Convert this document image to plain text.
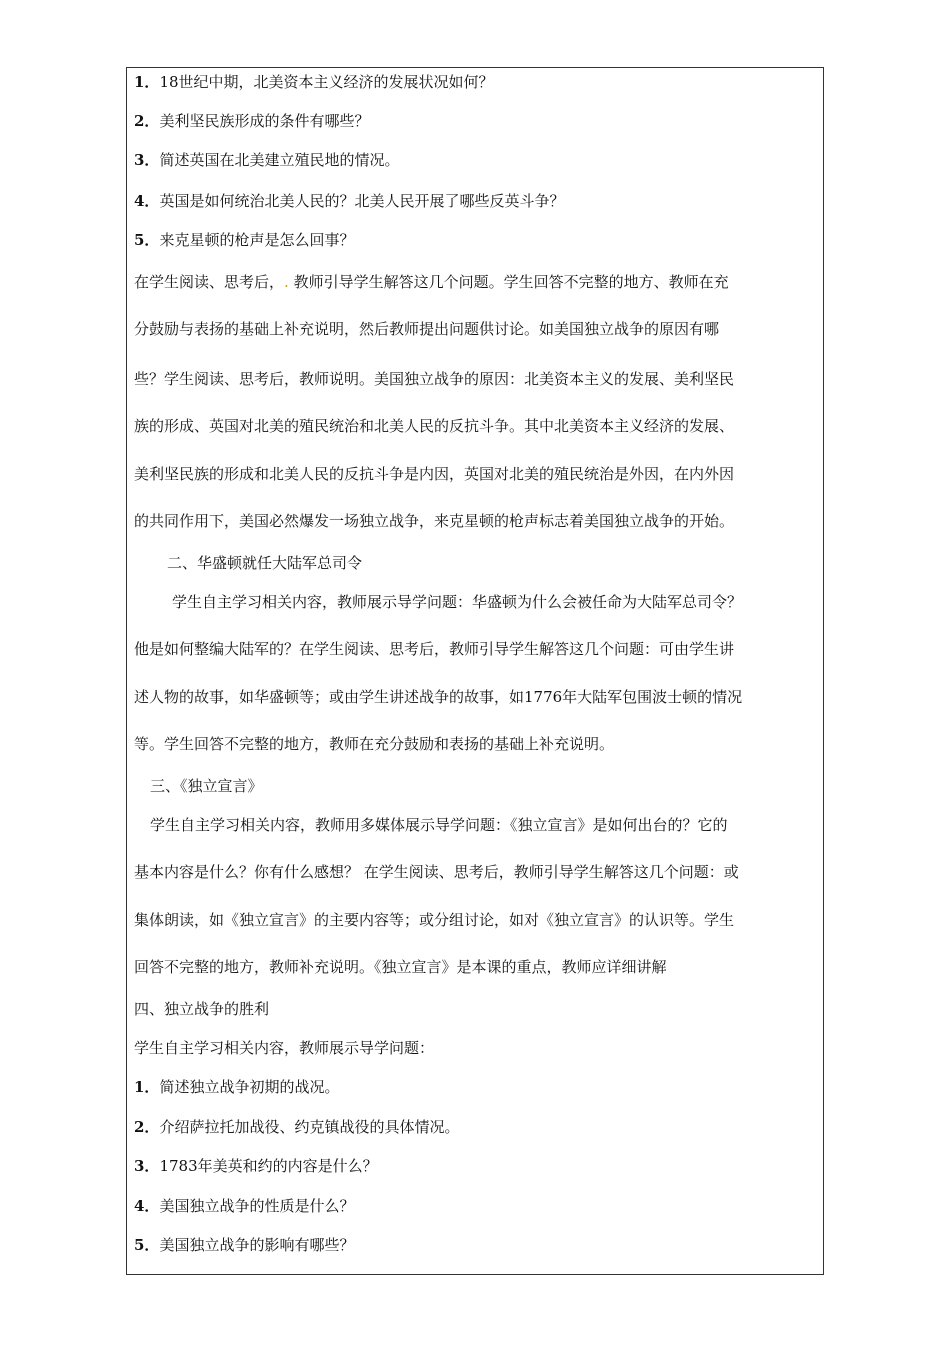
1．18世纪中期，北美资本主义经济的发展状况如何？
2．美利坚民族形成的条件有哪些？
3．简述英国在北美建立殖民地的情况。
4．英国是如何统治北美人民的？北美人民开展了哪些反英斗争？
5．来克星顿的枪声是怎么回事？
在学生阅读、思考后，. 教师引导学生解答这几个问题。学生回答不完整的地方、教师在充
分鼓励与表扬的基础上补充说明，然后教师提出问题供讨论。如美国独立战争的原因有哪
些？学生阅读、思考后，教师说明。美国独立战争的原因：北美资本主义的发展、美利坚民
族的形成、英国对北美的殖民统治和北美人民的反抗斗争。其中北美资本主义经济的发展、
美利坚民族的形成和北美人民的反抗斗争是内因，英国对北美的殖民统治是外因，在内外因
的共同作用下，美国必然爆发一场独立战争，来克星顿的枪声标志着美国独立战争的开始。
二、华盛顿就任大陆军总司令
学生自主学习相关内容，教师展示导学问题：华盛顿为什么会被任命为大陆军总司令？
他是如何整编大陆军的？在学生阅读、思考后，教师引导学生解答这几个问题：可由学生讲
述人物的故事，如华盛顿等；或由学生讲述战争的故事，如1776年大陆军包围波士顿的情况
等。学生回答不完整的地方，教师在充分鼓励和表扬的基础上补充说明。
三、《独立宣言》
学生自主学习相关内容，教师用多媒体展示导学问题：《独立宣言》是如何出台的？它的
基本内容是什么？你有什么感想？ 在学生阅读、思考后，教师引导学生解答这几个问题：或
集体朗读，如《独立宣言》的主要内容等；或分组讨论，如对《独立宣言》的认识等。学生
回答不完整的地方，教师补充说明。《独立宣言》是本课的重点，教师应详细讲解
四、独立战争的胜利
学生自主学习相关内容，教师展示导学问题：
1．简述独立战争初期的战况。
2．介绍萨拉托加战役、约克镇战役的具体情况。
3．1783年美英和约的内容是什么？
4．美国独立战争的性质是什么？
5．美国独立战争的影响有哪些？
